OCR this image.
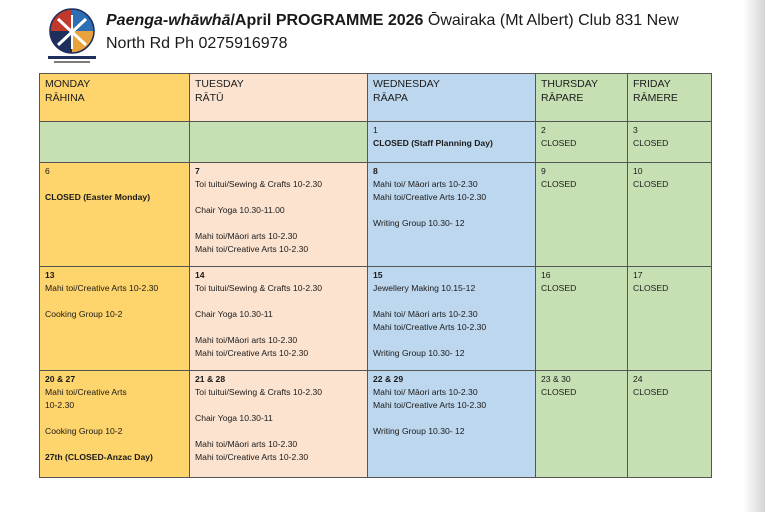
Paenga-whāwhā/April PROGRAMME 2026 Ōwairaka (Mt Albert) Club 831 New North Rd Ph 0275916978
MONDAY
RĀHINA	TUESDAY
RĀTŪ	WEDNESDAY
RĀAPA	THURSDAY
RĀPARE	FRIDAY
RĀMERE

		1
CLOSED (Staff Planning Day)	2
CLOSED	3
CLOSED

6
CLOSED (Easter Monday)	7
Toi tuitui/Sewing & Crafts 10-2.30
Chair Yoga 10.30-11.00
Mahi toi/Māori arts 10-2.30
Mahi toi/Creative Arts 10-2.30	8
Mahi toi/ Māori arts 10-2.30
Mahi toi/Creative Arts 10-2.30
Writing Group 10.30- 12	9
CLOSED	10
CLOSED

13
Mahi toi/Creative Arts 10-2.30
Cooking Group 10-2	14
Toi tuitui/Sewing & Crafts 10-2.30
Chair Yoga 10.30-11
Mahi toi/Māori arts 10-2.30
Mahi toi/Creative Arts 10-2.30	15
Jewellery Making 10.15-12
Mahi toi/ Māori arts 10-2.30
Mahi toi/Creative Arts 10-2.30
Writing Group 10.30- 12	16
CLOSED	17
CLOSED

20 & 27
Mahi toi/Creative Arts
10-2.30
Cooking Group 10-2
27th (CLOSED-Anzac Day)	21 & 28
Toi tuitui/Sewing & Crafts 10-2.30
Chair Yoga 10.30-11
Mahi toi/Māori arts 10-2.30
Mahi toi/Creative Arts 10-2.30	22 & 29
Mahi toi/ Māori arts 10-2.30
Mahi toi/Creative Arts 10-2.30
Writing Group 10.30- 12	23 & 30
CLOSED	24
CLOSED
